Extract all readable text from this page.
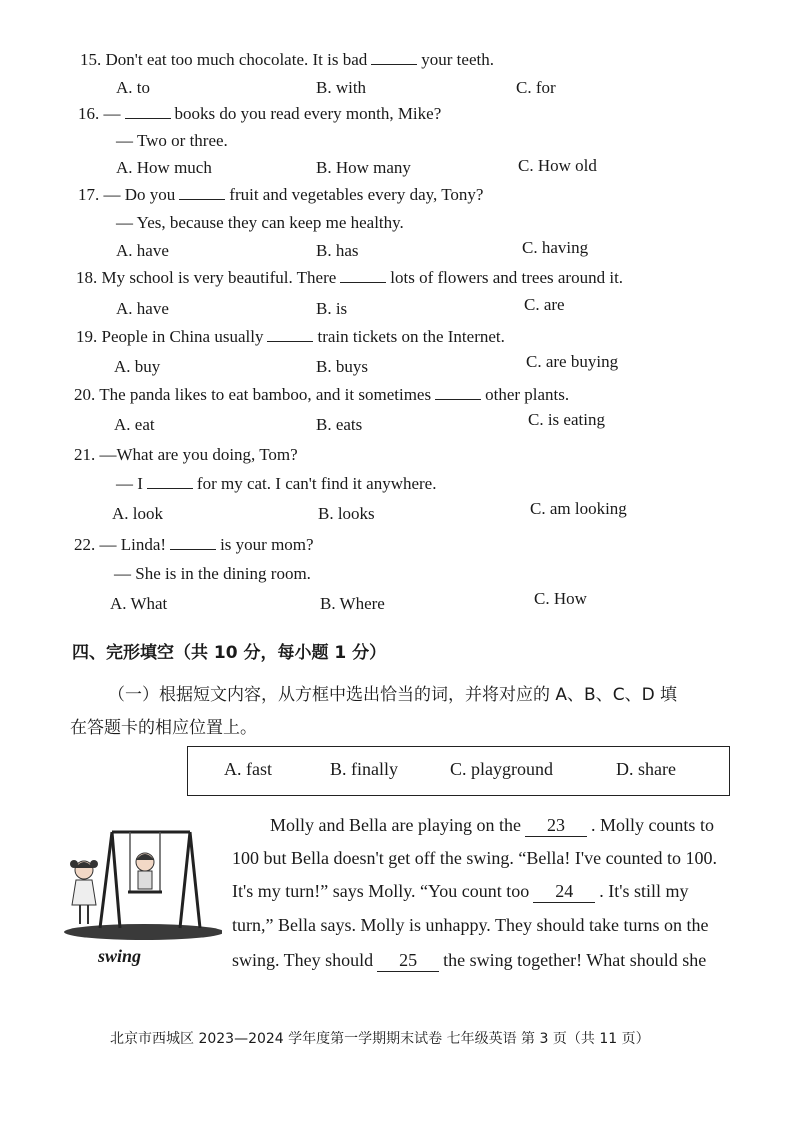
15. Don't eat too much chocolate. It is bad	your teeth.
A. to	B. with	C. for
16. —	books do you read every month, Mike?
— Two or three.
A. How much	B. How many	C. How old
17. — Do you	fruit and vegetables every day, Tony?
— Yes, because they can keep me healthy.
A. have	B. has	C. having
18. My school is very beautiful. There	lots of flowers and trees around it.
A. have	B. is	C. are
19. People in China usually	train tickets on the Internet.
A. buy	B. buys	C. are buying
20. The panda likes to eat bamboo, and it sometimes	other plants.
A. eat	B. eats	C. is eating
21. —What are you doing, Tom?
— I	for my cat. I can't find it anywhere.
A. look	B. looks	C. am looking
22. — Linda!	is your mom?
— She is in the dining room.
A. What	B. Where	C. How
四、完形填空（共 10 分，每小题 1 分）
（一）根据短文内容，从方框中选出恰当的词，并将对应的 A、B、C、D 填
在答题卡的相应位置上。
A. fast	B. finally	C. playground	D. share
swing
Molly and Bella are playing on the 23 . Molly counts to
100 but Bella doesn't get off the swing. “Bella! I've counted to 100.
It's my turn!” says Molly. “You count too 24 . It's still my
turn,” Bella says. Molly is unhappy. They should take turns on the
swing. They should 25 the swing together! What should she
北京市西城区 2023—2024 学年度第一学期期末试卷 七年级英语 第 3 页（共 11 页）
